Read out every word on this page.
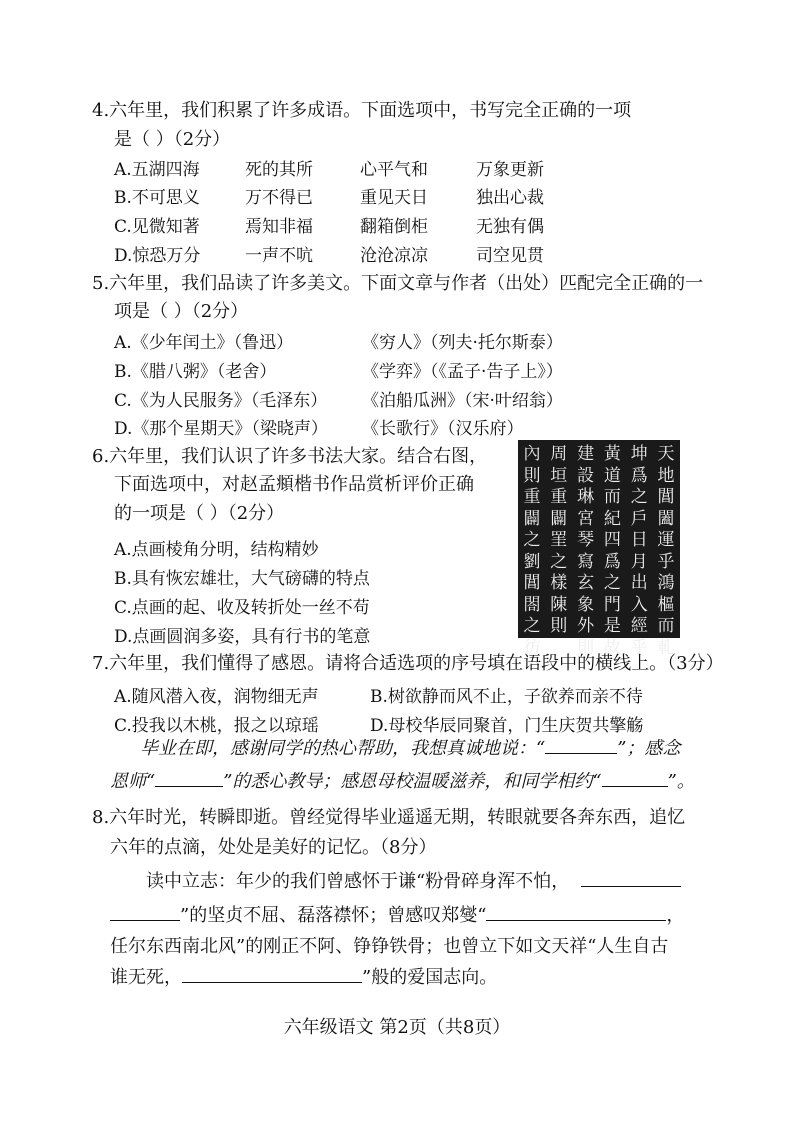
4.六年里，我们积累了许多成语。下面选项中，书写完全正确的一项
是（ ）（2分）
A.五湖四海	死的其所	心平气和	万象更新
B.不可思义	万不得已	重见天日	独出心裁
C.见微知著	焉知非福	翻箱倒柜	无独有偶
D.惊恐万分	一声不吭	沧沧凉凉	司空见贯
5.六年里，我们品读了许多美文。下面文章与作者（出处）匹配完全正确的一
项是（ ）（2分）
A.《少年闰土》（鲁迅）	《穷人》（列夫·托尔斯泰）
B.《腊八粥》（老舍）	《学弈》（《孟子·告子上》）
C.《为人民服务》（毛泽东） 《泊船瓜洲》（宋·叶绍翁）
D.《那个星期天》（梁晓声） 《长歌行》（汉乐府）
6.六年里，我们认识了许多书法大家。结合右图，
下面选项中，对赵孟頫楷书作品赏析评价正确
的一项是（ ）（2分）
A.点画棱角分明，结构精妙
B.具有恢宏雄壮，大气磅礴的特点
C.点画的起、收及转折处一丝不苟
D.点画圆润多姿，具有行书的笔意
天地閶闔運乎鴻樞而軋
坤爲之戶日月出入經乎
黃道而紀四爲之門是故
建設琳宮琴寫玄象外則
周垣重闢罣之樣陳則
內則重闢之劉閶閤之彷
7.六年里，我们懂得了感恩。请将合适选项的序号填在语段中的横线上。（3分）
A.随风潜入夜，润物细无声	B.树欲静而风不止，子欲养而亲不待
C.投我以木桃，报之以琼瑶	D.母校华辰同聚首，门生庆贺共擎觞
毕业在即，感谢同学的热心帮助，我想真诚地说：“	”；感念
恩师“	”的悉心教导；感恩母校温暖滋养，和同学相约“	”。
8.六年时光，转瞬即逝。曾经觉得毕业遥遥无期，转眼就要各奔东西，追忆
六年的点滴，处处是美好的记忆。（8分）
读中立志：年少的我们曾感怀于谦“粉骨碎身浑不怕，
”的坚贞不屈、磊落襟怀；曾感叹郑燮“	，
任尔东西南北风”的刚正不阿、铮铮铁骨；也曾立下如文天祥“人生自古
谁无死，	”般的爱国志向。
六年级语文 第2页（共8页）
